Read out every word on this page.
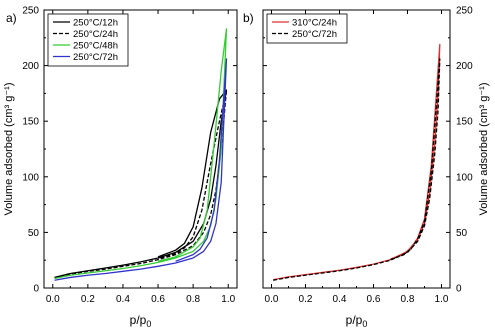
0.0 0.2 0.4 0.6 0.8 1.0
0
50
100
150
200
250
a)
$p/p_0$
Volume adsorbed (cm³ g⁻¹)
250°C/12h
250°C/24h
250°C/48h
250°C/72h
0.0 0.2 0.4 0.6 0.8 1.0
0
50
100
150
200
250
b)
$p/p_0$
Volume adsorbed (cm³ g⁻¹)
310°C/24h
250°C/72h
